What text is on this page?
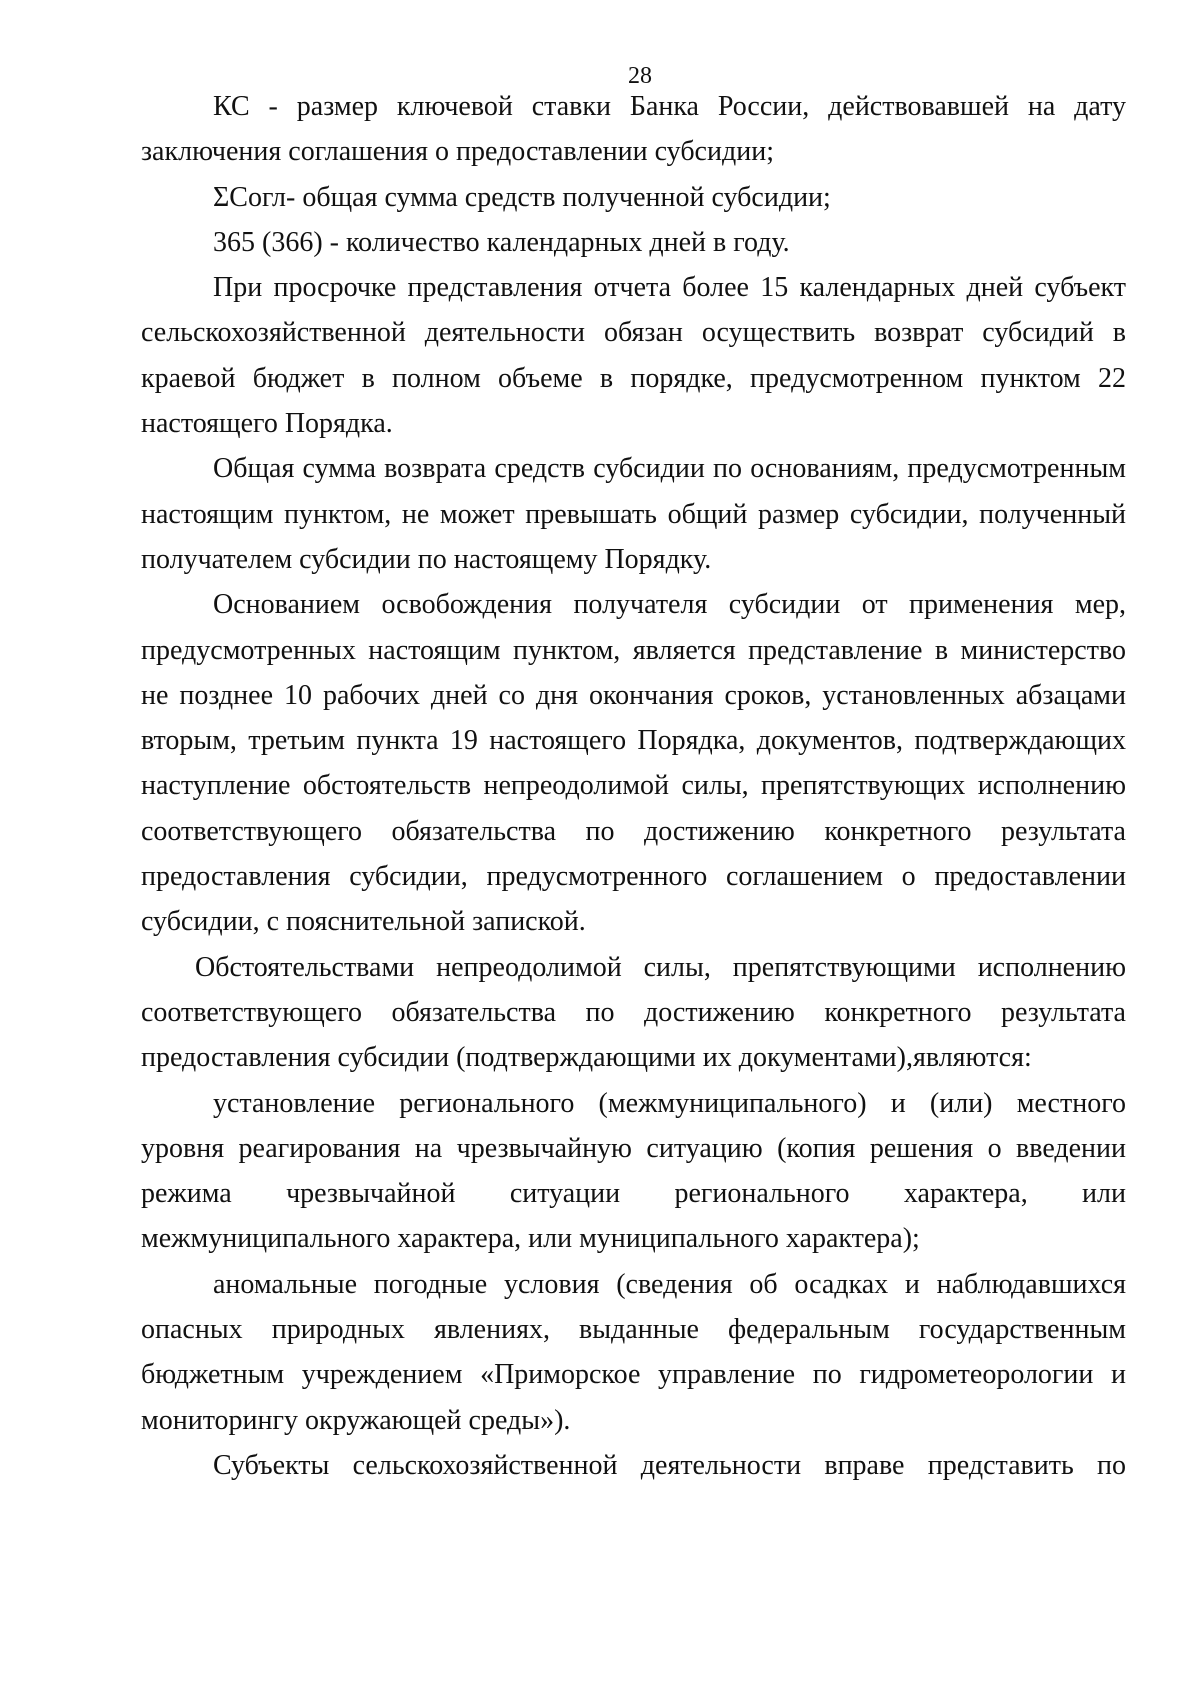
28

КС - размер ключевой ставки Банка России, действовавшей на дату заключения соглашения о предоставлении субсидии;

ΣСогл- общая сумма средств полученной субсидии;

365 (366) - количество календарных дней в году.

При просрочке представления отчета более 15 календарных дней субъект сельскохозяйственной деятельности обязан осуществить возврат субсидий в краевой бюджет в полном объеме в порядке, предусмотренном пунктом 22 настоящего Порядка.

Общая сумма возврата средств субсидии по основаниям, предусмотренным настоящим пунктом, не может превышать общий размер субсидии, полученный получателем субсидии по настоящему Порядку.

Основанием освобождения получателя субсидии от применения мер, предусмотренных настоящим пунктом, является представление в министерство не позднее 10 рабочих дней со дня окончания сроков, установленных абзацами вторым, третьим пункта 19 настоящего Порядка, документов, подтверждающих наступление обстоятельств непреодолимой силы, препятствующих исполнению соответствующего обязательства по достижению конкретного результата предоставления субсидии, предусмотренного соглашением о предоставлении субсидии, с пояснительной запиской.

Обстоятельствами непреодолимой силы, препятствующими исполнению соответствующего обязательства по достижению конкретного результата предоставления субсидии (подтверждающими их документами),являются:

установление регионального (межмуниципального) и (или) местного уровня реагирования на чрезвычайную ситуацию (копия решения о введении режима чрезвычайной ситуации регионального характера, или межмуниципального характера, или муниципального характера);

аномальные погодные условия (сведения об осадках и наблюдавшихся опасных природных явлениях, выданные федеральным государственным бюджетным учреждением «Приморское управление по гидрометеорологии и мониторингу окружающей среды»).

Субъекты сельскохозяйственной деятельности вправе представить по
